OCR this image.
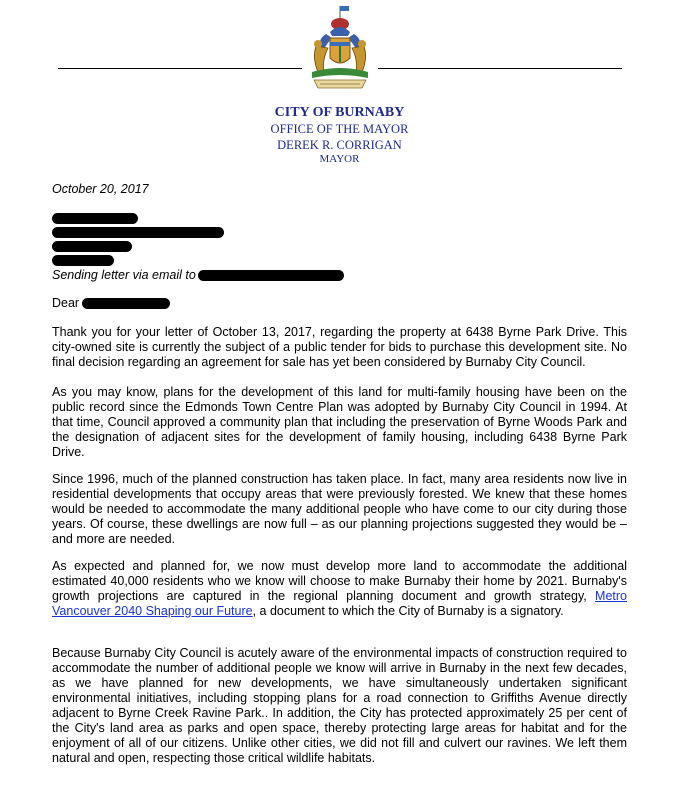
CITY OF BURNABY
OFFICE OF THE MAYOR
DEREK R. CORRIGAN
MAYOR
October 20, 2017
Sending letter via email to
Dear
Thank you for your letter of October 13, 2017, regarding the property at 6438 Byrne Park Drive. This city-owned site is currently the subject of a public tender for bids to purchase this development site. No final decision regarding an agreement for sale has yet been considered by Burnaby City Council.
As you may know, plans for the development of this land for multi-family housing have been on the public record since the Edmonds Town Centre Plan was adopted by Burnaby City Council in 1994. At that time, Council approved a community plan that including the preservation of Byrne Woods Park and the designation of adjacent sites for the development of family housing, including 6438 Byrne Park Drive.
Since 1996, much of the planned construction has taken place. In fact, many area residents now live in residential developments that occupy areas that were previously forested. We knew that these homes would be needed to accommodate the many additional people who have come to our city during those years. Of course, these dwellings are now full – as our planning projections suggested they would be – and more are needed.
As expected and planned for, we now must develop more land to accommodate the additional estimated 40,000 residents who we know will choose to make Burnaby their home by 2021. Burnaby's growth projections are captured in the regional planning document and growth strategy, Metro Vancouver 2040 Shaping our Future, a document to which the City of Burnaby is a signatory.
Because Burnaby City Council is acutely aware of the environmental impacts of construction required to accommodate the number of additional people we know will arrive in Burnaby in the next few decades, as we have planned for new developments, we have simultaneously undertaken significant environmental initiatives, including stopping plans for a road connection to Griffiths Avenue directly adjacent to Byrne Creek Ravine Park.. In addition, the City has protected approximately 25 per cent of the City's land area as parks and open space, thereby protecting large areas for habitat and for the enjoyment of all of our citizens. Unlike other cities, we did not fill and culvert our ravines. We left them natural and open, respecting those critical wildlife habitats.
